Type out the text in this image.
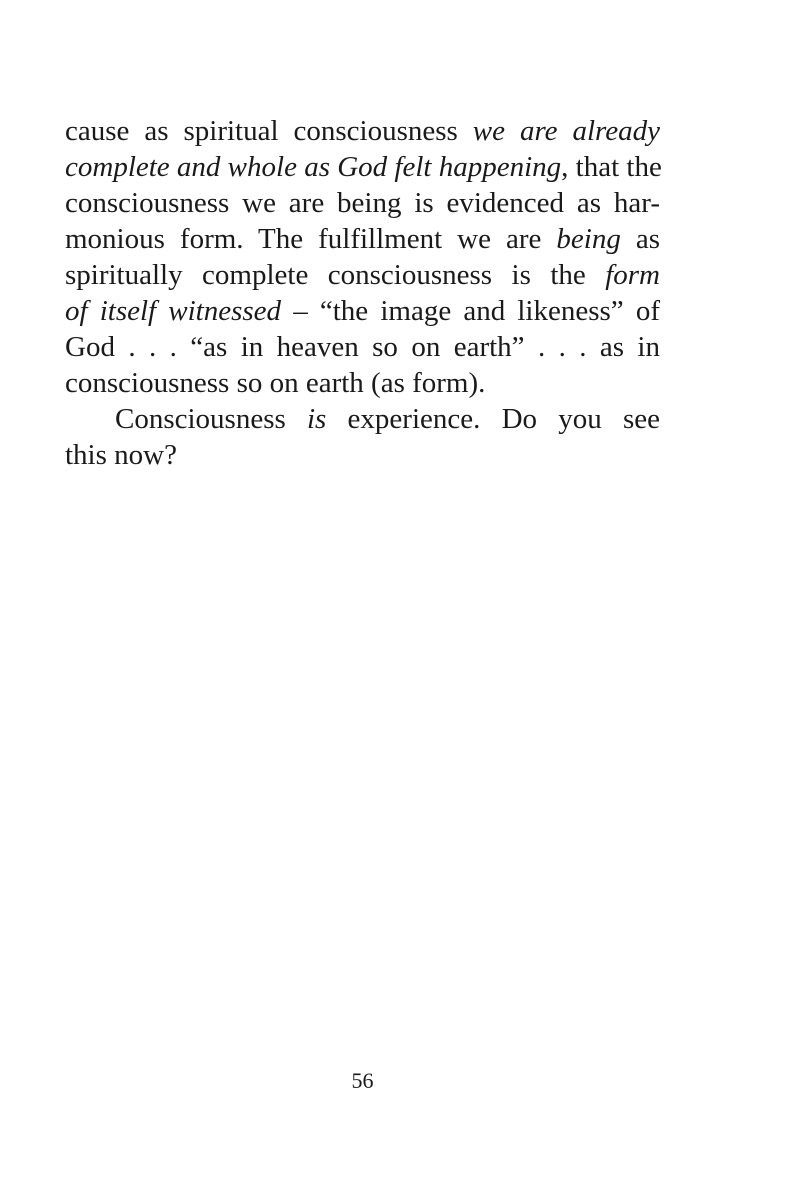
cause as spiritual consciousness we are already
complete and whole as God felt happening, that the
consciousness we are being is evidenced as har-
monious form. The fulfillment we are being as
spiritually complete consciousness is the form
of itself witnessed – “the image and likeness” of
God . . . “as in heaven so on earth” . . . as in
consciousness so on earth (as form).
Consciousness is experience. Do you see
this now?
56
